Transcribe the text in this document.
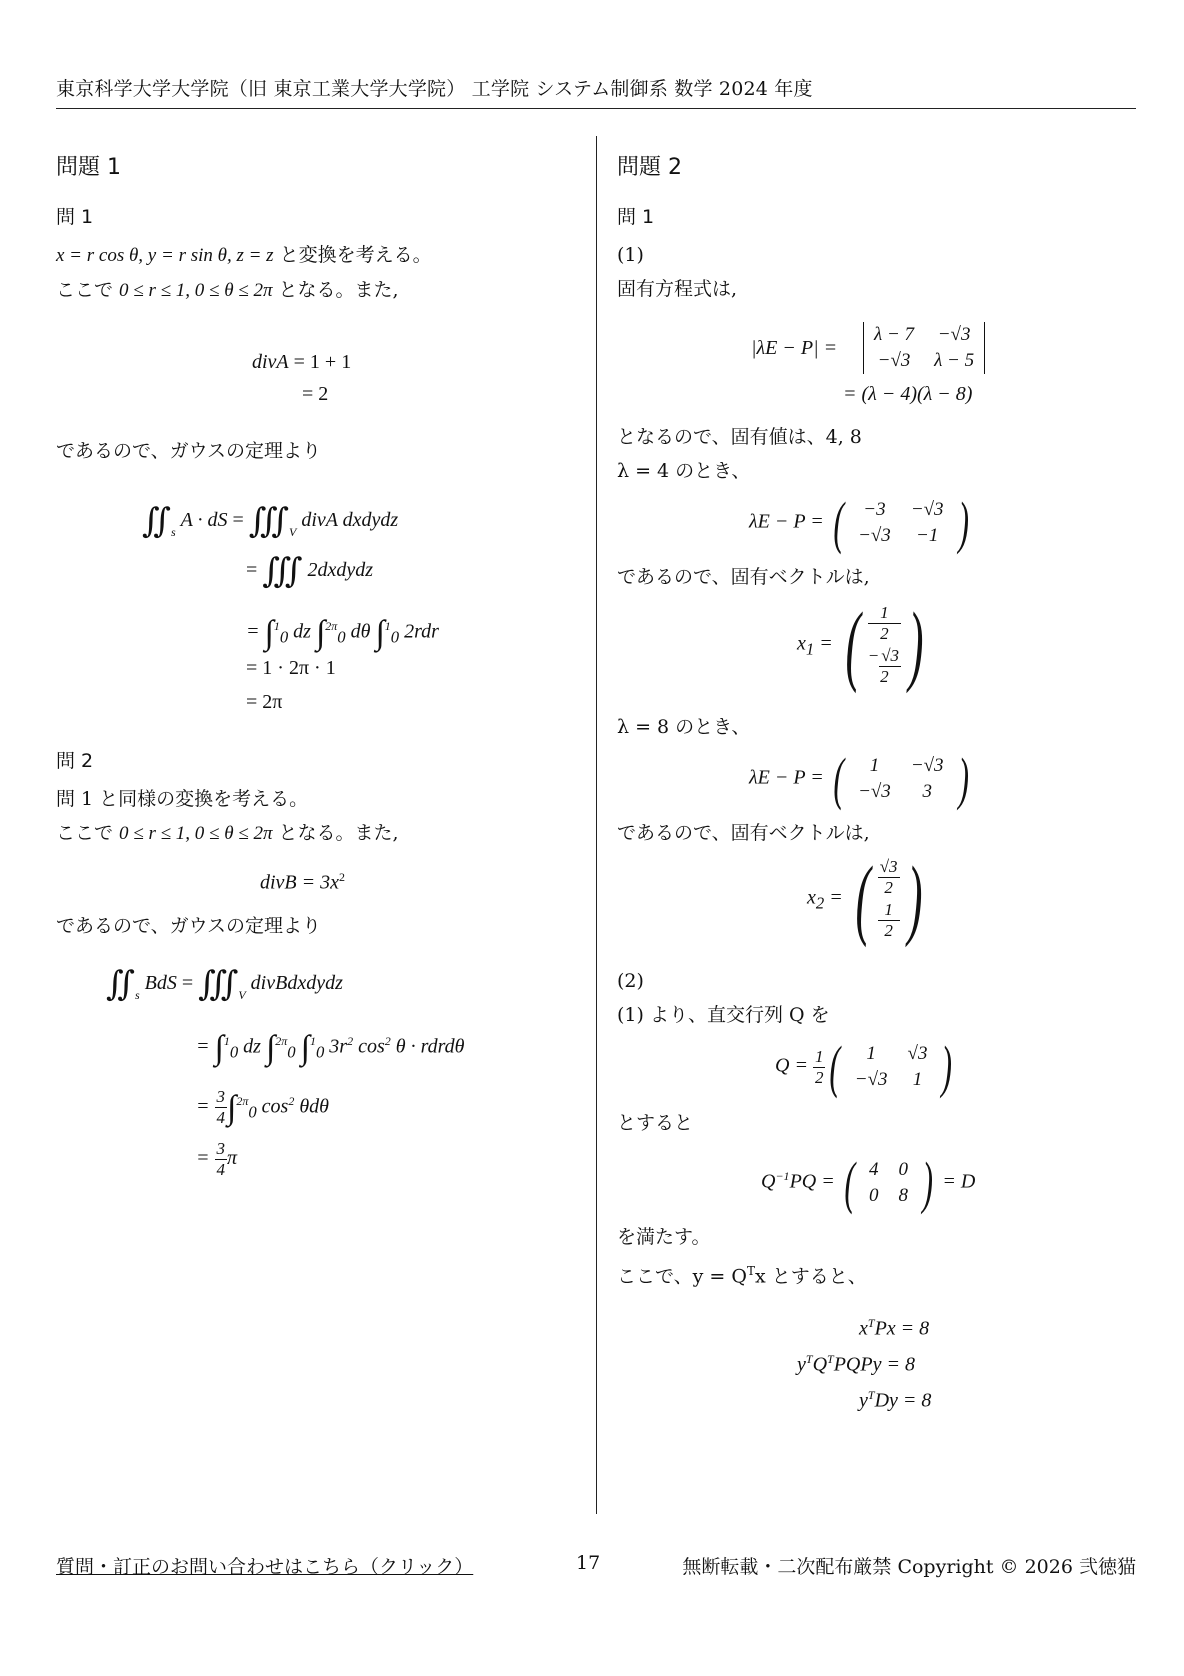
東京科学大学大学院（旧 東京工業大学大学院） 工学院 システム制御系 数学 2024 年度
問題 1
問 1

x = r cos θ, y = r sin θ, z = z と変換を考える。

ここで 0 ≤ r ≤ 1, 0 ≤ θ ≤ 2π となる。また,

divA = 1 + 1
= 2

であるので、ガウスの定理より

$∬_s$ A · dS = $∭_V$ divA dxdydz
= ∭ 2dxdydz
= ∫$^1_0$ dz ∫$^{2\pi}_0$ dθ ∫$^1_0$ 2rdr
= 1 · 2π · 1
= 2π
問 2

問 1 と同様の変換を考える。

ここで 0 ≤ r ≤ 1, 0 ≤ θ ≤ 2π となる。また,

divB = $3x^2$

であるので、ガウスの定理より

$∬_s$ BdS = $∭_V$ divBdxdydz
= ∫$^1_0$ dz ∫$^{2\pi}_0$ ∫$^1_0$ $3r^2$ $\cos^2 \theta$ · rdrdθ
= $\frac{3}{4} \int^{2\pi}_0$ $\cos^2 \theta d\theta$
= $\frac{3}{4}$ π
問題 2
問 1

(1)

固有方程式は,

|λE − P| =
λ − 7	−√3
−√3	λ − 5
= (λ − 4)(λ − 8)

となるので、固有値は、4, 8

λ = 4 のとき、

λE − P = ( −3	−√3
−√3	−1 )

であるので、固有ベクトルは,

$x_1$ = (	1
2
− √3
2 )

λ = 8 のとき、

λE − P = ( 1	−√3
−√3	3 )

であるので、固有ベクトルは,

$x_2$ = ( √3
2
1
2 )

(2)

(1) より、直交行列 Q を

$Q = \frac{1}{2}$ ( 1	√3
−√3	1 )

とすると

$Q^{-1}PQ$ = ( 4	0
0	8 ) = D

を満たす。

ここで、$y = Q^Tx$ とすると、

$x^TPx = 8$
$y^TQ^TPQPy = 8$
$y^TDy = 8$
質問・訂正のお問い合わせはこちら（クリック）	17	無断転載・二次配布厳禁 Copyright © 2026 弐徳猫
